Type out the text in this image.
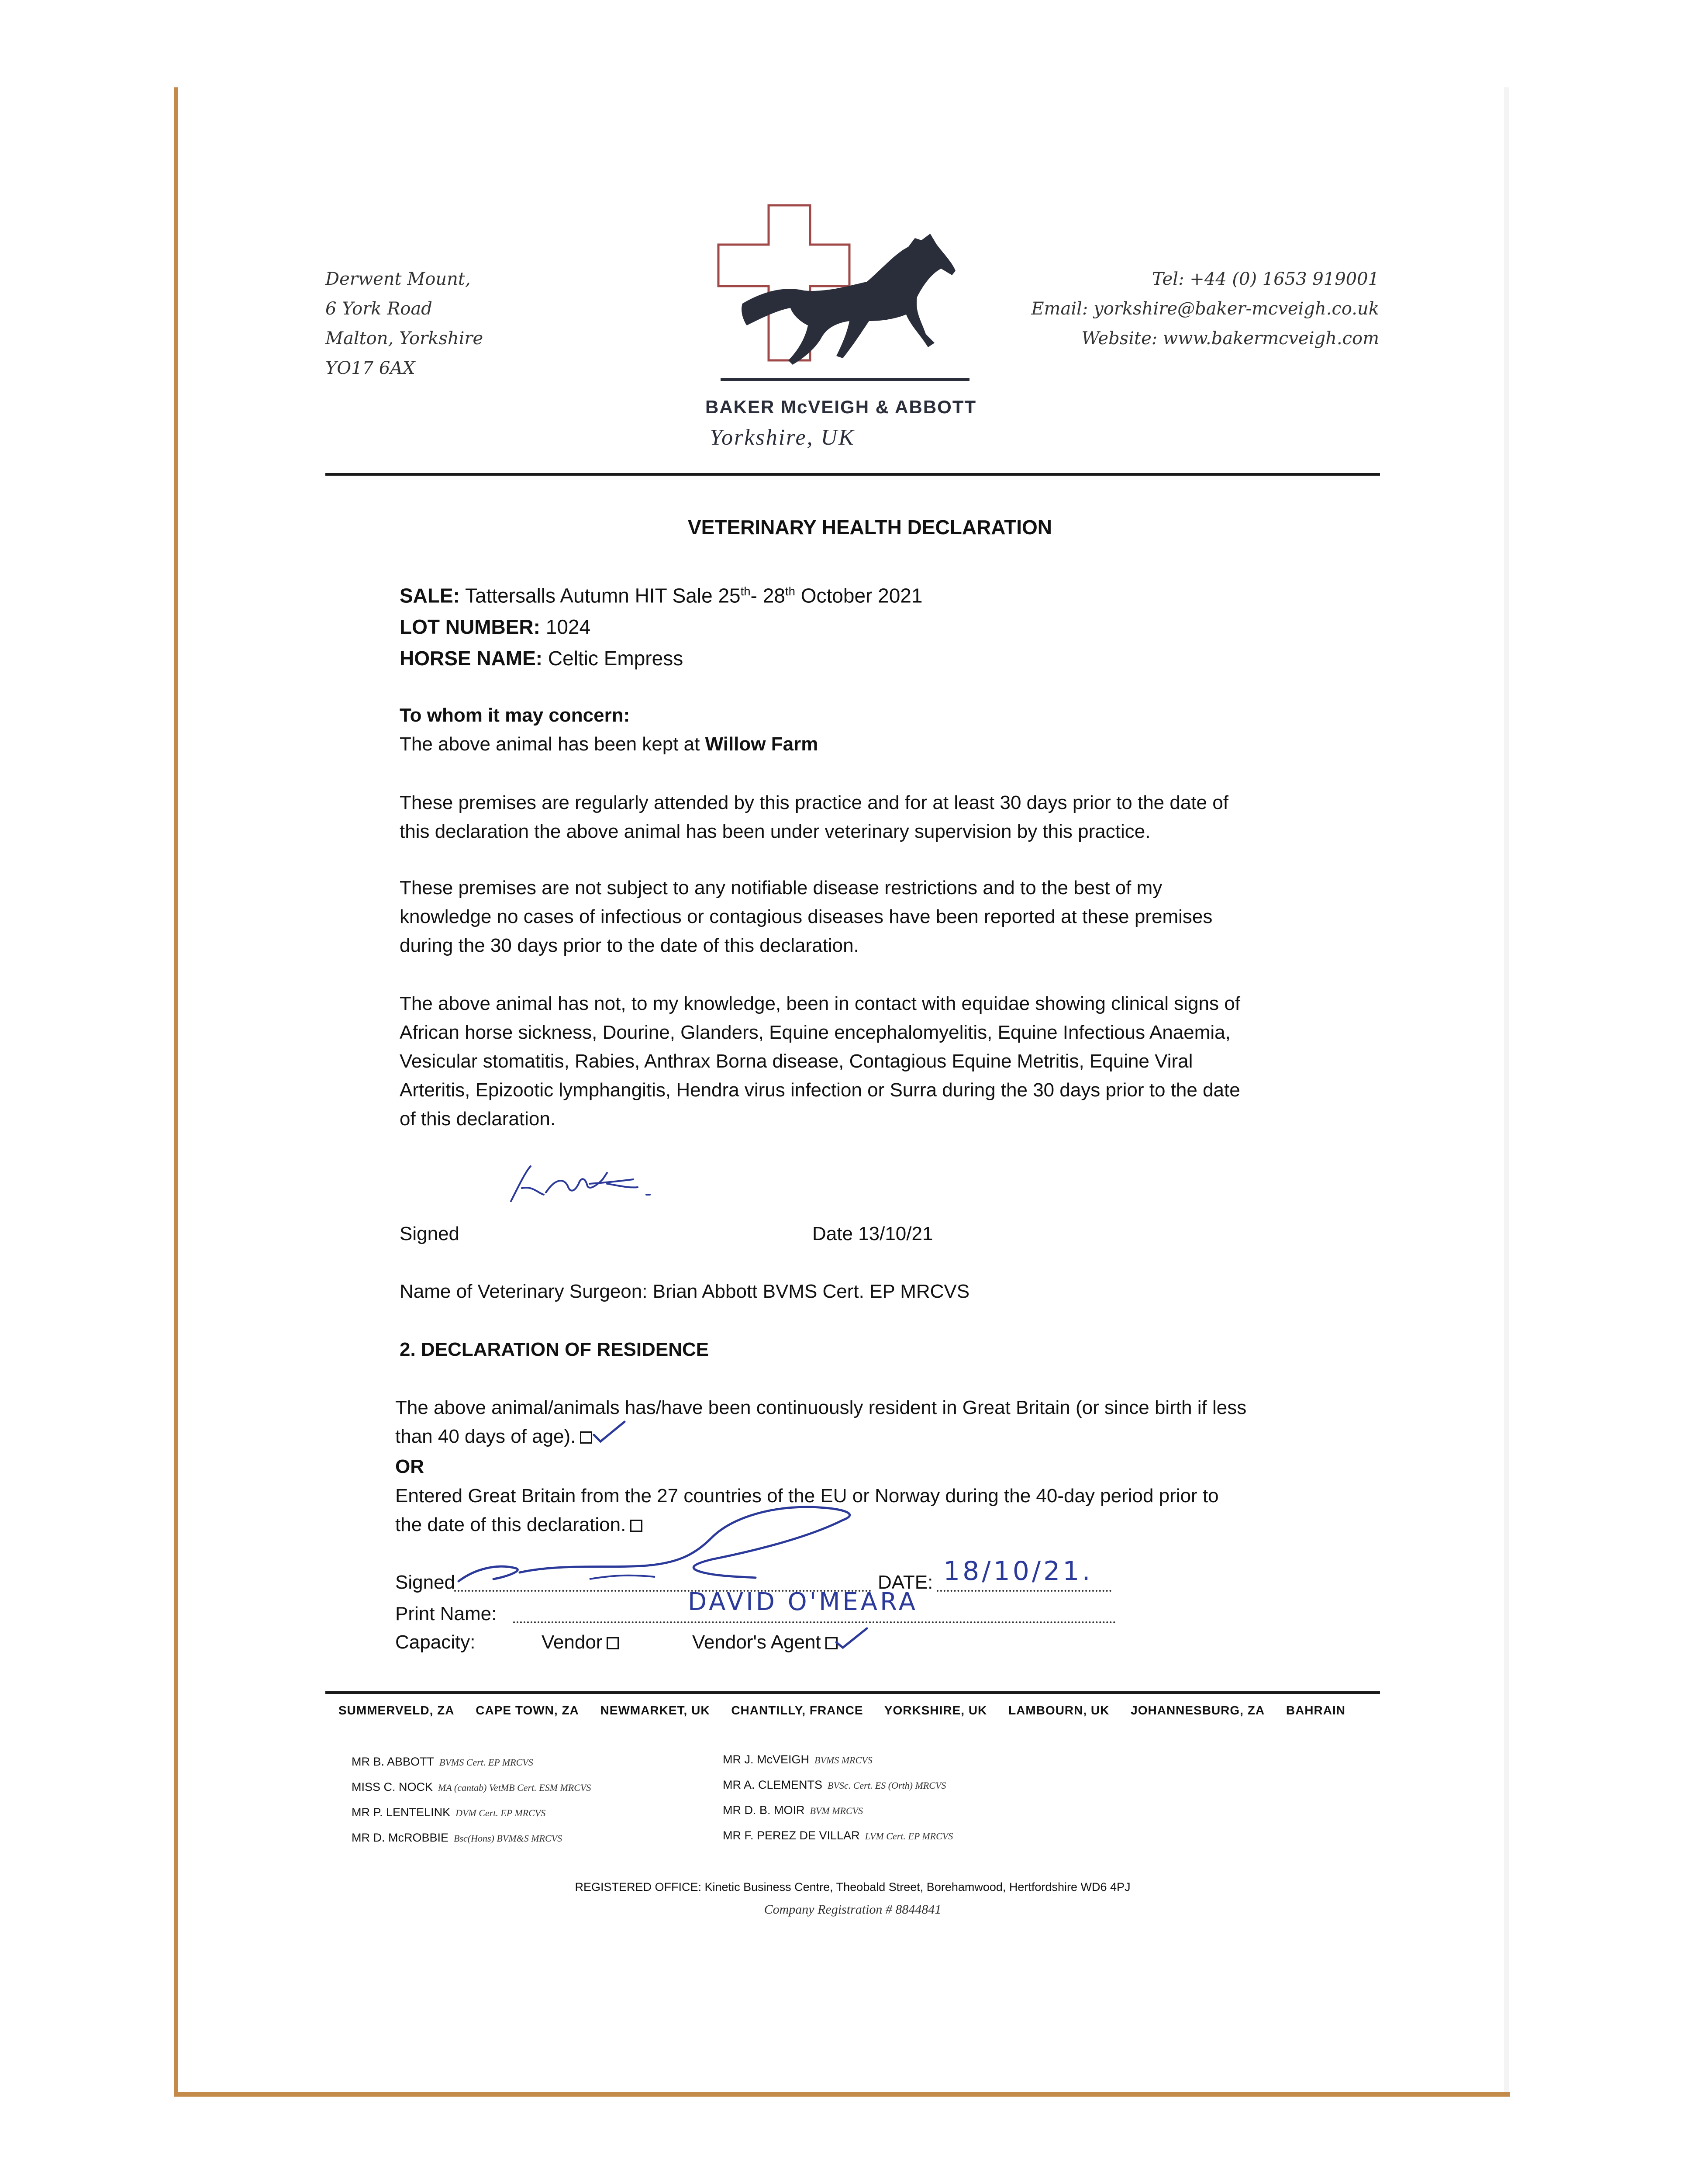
Derwent Mount,
6 York Road
Malton, Yorkshire
YO17 6AX
Tel: +44 (0) 1653 919001
Email: yorkshire@baker-mcveigh.co.uk
Website: www.bakermcveigh.com
BAKER McVEIGH & ABBOTT
Yorkshire, UK
VETERINARY HEALTH DECLARATION
SALE: Tattersalls Autumn HIT Sale 25th- 28th October 2021
LOT NUMBER: 1024
HORSE NAME: Celtic Empress
To whom it may concern:
The above animal has been kept at Willow Farm
These premises are regularly attended by this practice and for at least 30 days prior to the date of
this declaration the above animal has been under veterinary supervision by this practice.
These premises are not subject to any notifiable disease restrictions and to the best of my
knowledge no cases of infectious or contagious diseases have been reported at these premises
during the 30 days prior to the date of this declaration.
The above animal has not, to my knowledge, been in contact with equidae showing clinical signs of
African horse sickness, Dourine, Glanders, Equine encephalomyelitis, Equine Infectious Anaemia,
Vesicular stomatitis, Rabies, Anthrax Borna disease, Contagious Equine Metritis, Equine Viral
Arteritis, Epizootic lymphangitis, Hendra virus infection or Surra during the 30 days prior to the date
of this declaration.
Signed	Date 13/10/21
Name of Veterinary Surgeon: Brian Abbott BVMS Cert. EP MRCVS
2. DECLARATION OF RESIDENCE
The above animal/animals has/have been continuously resident in Great Britain (or since birth if less
than 40 days of age).
OR
Entered Great Britain from the 27 countries of the EU or Norway during the 40-day period prior to
the date of this declaration.
Signed	DATE: 18/10/21.
Print Name:	DAVID O'MEARA
Capacity:	Vendor	Vendor's Agent
SUMMERVELD, ZA CAPE TOWN, ZA NEWMARKET, UK CHANTILLY, FRANCE YORKSHIRE, UK LAMBOURN, UK JOHANNESBURG, ZA BAHRAIN
MR B. ABBOTT BVMS Cert. EP MRCVS
MISS C. NOCK MA (cantab) VetMB Cert. ESM MRCVS
MR P. LENTELINK DVM Cert. EP MRCVS
MR D. McROBBIE Bsc(Hons) BVM&S MRCVS
MR J. McVEIGH BVMS MRCVS
MR A. CLEMENTS BVSc. Cert. ES (Orth) MRCVS
MR D. B. MOIR BVM MRCVS
MR F. PEREZ DE VILLAR LVM Cert. EP MRCVS
REGISTERED OFFICE: Kinetic Business Centre, Theobald Street, Borehamwood, Hertfordshire WD6 4PJ
Company Registration # 8844841
